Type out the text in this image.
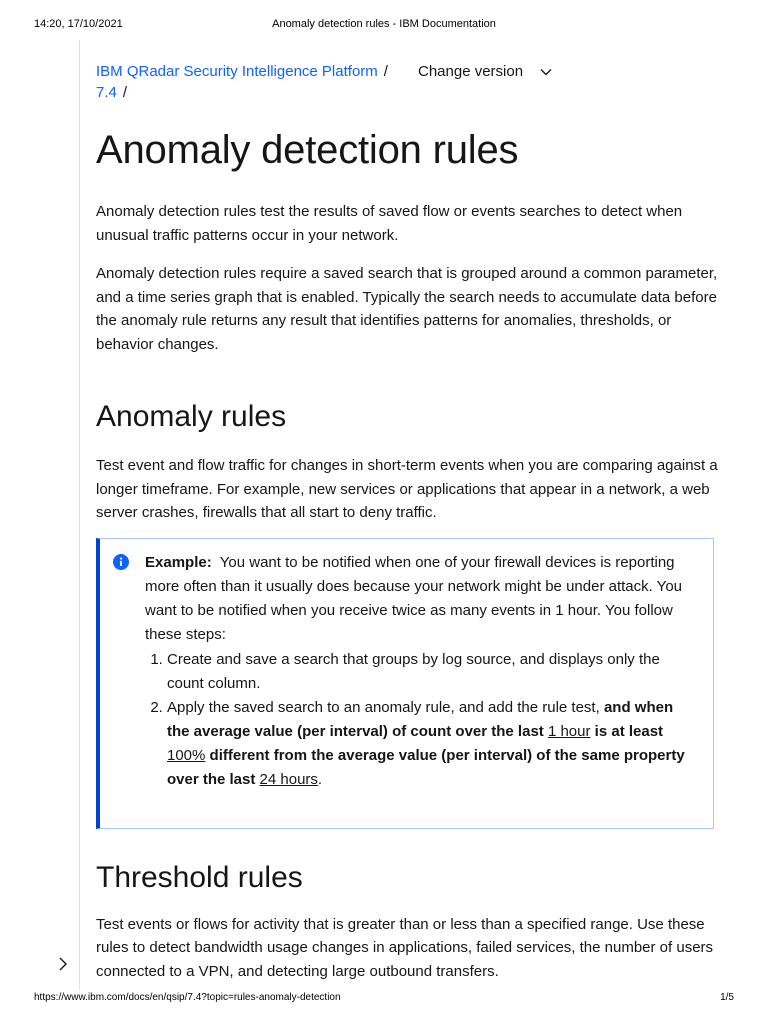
14:20, 17/10/2021	Anomaly detection rules - IBM Documentation
IBM QRadar Security Intelligence Platform /
7.4 /
Change version
Anomaly detection rules

Anomaly detection rules test the results of saved flow or events searches to detect when unusual traffic patterns occur in your network.

Anomaly detection rules require a saved search that is grouped around a common parameter, and a time series graph that is enabled. Typically the search needs to accumulate data before the anomaly rule returns any result that identifies patterns for anomalies, thresholds, or behavior changes.

Anomaly rules

Test event and flow traffic for changes in short-term events when you are comparing against a longer timeframe. For example, new services or applications that appear in a network, a web server crashes, firewalls that all start to deny traffic.

Example: You want to be notified when one of your firewall devices is reporting more often than it usually does because your network might be under attack. You want to be notified when you receive twice as many events in 1 hour. You follow these steps:

1. Create and save a search that groups by log source, and displays only the count column.
2. Apply the saved search to an anomaly rule, and add the rule test, and when the average value (per interval) of count over the last 1 hour is at least 100% different from the average value (per interval) of the same property over the last 24 hours.
Threshold rules

Test events or flows for activity that is greater than or less than a specified range. Use these rules to detect bandwidth usage changes in applications, failed services, the number of users connected to a VPN, and detecting large outbound transfers.

https://www.ibm.com/docs/en/qsip/7.4?topic=rules-anomaly-detection	1/5
